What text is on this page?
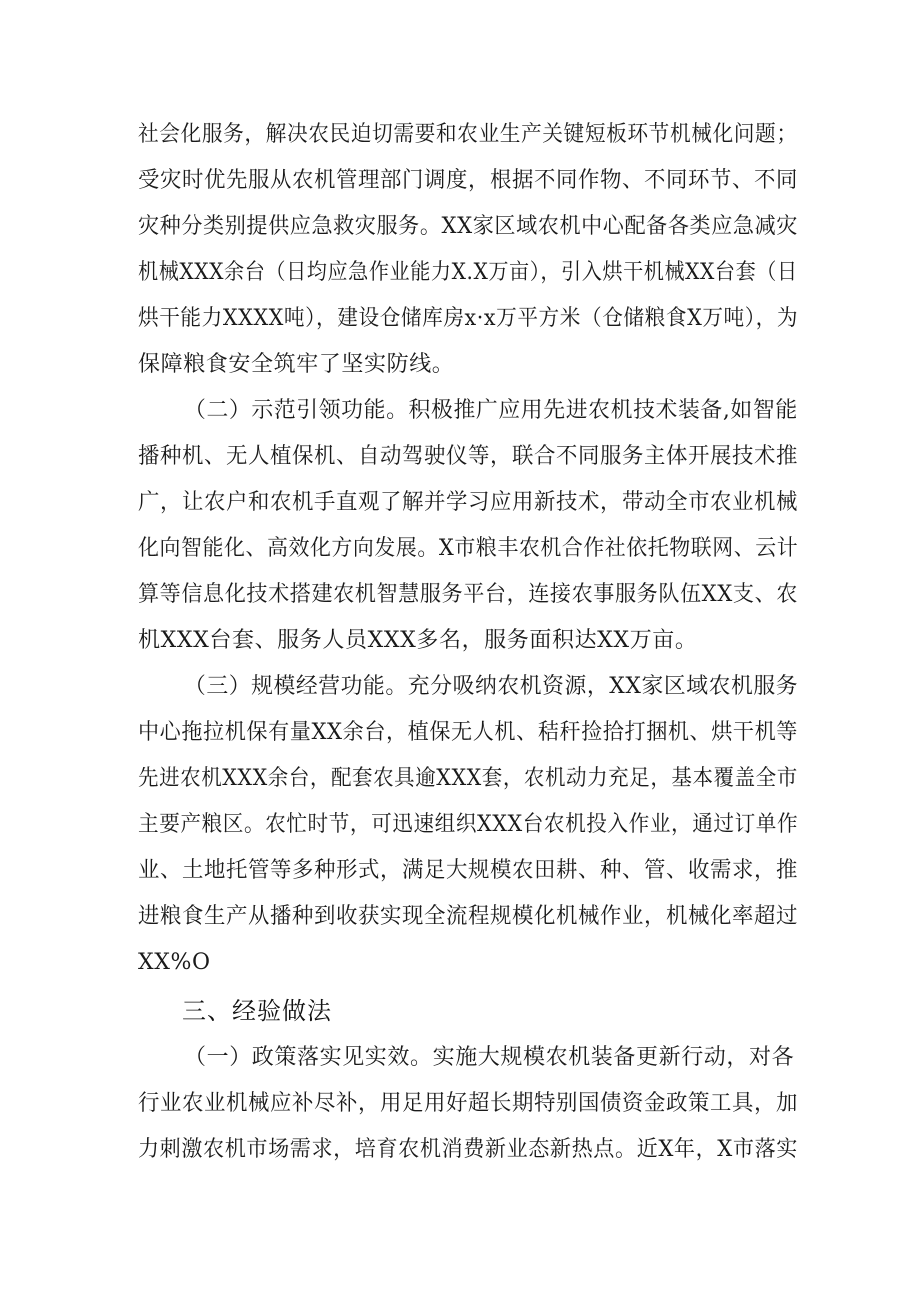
社会化服务，解决农民迫切需要和农业生产关键短板环节机械化问题；
受灾时优先服从农机管理部门调度，根据不同作物、不同环节、不同
灾种分类别提供应急救灾服务。XX家区域农机中心配备各类应急减灾
机械XXX余台（日均应急作业能力X.X万亩），引入烘干机械XX台套（日
烘干能力XXXX吨），建设仓储库房x·x万平方米（仓储粮食X万吨），为
保障粮食安全筑牢了坚实防线。
（二）示范引领功能。积极推广应用先进农机技术装备,如智能
播种机、无人植保机、自动驾驶仪等，联合不同服务主体开展技术推
广，让农户和农机手直观了解并学习应用新技术，带动全市农业机械
化向智能化、高效化方向发展。X市粮丰农机合作社依托物联网、云计
算等信息化技术搭建农机智慧服务平台，连接农事服务队伍XX支、农
机XXX台套、服务人员XXX多名，服务面积达XX万亩。
（三）规模经营功能。充分吸纳农机资源，XX家区域农机服务
中心拖拉机保有量XX余台，植保无人机、秸秆捡拾打捆机、烘干机等
先进农机XXX余台，配套农具逾XXX套，农机动力充足，基本覆盖全市
主要产粮区。农忙时节，可迅速组织XXX台农机投入作业，通过订单作
业、土地托管等多种形式，满足大规模农田耕、种、管、收需求，推
进粮食生产从播种到收获实现全流程规模化机械作业，机械化率超过
XX%O
三、经验做法
（一）政策落实见实效。实施大规模农机装备更新行动，对各
行业农业机械应补尽补，用足用好超长期特别国债资金政策工具，加
力刺激农机市场需求，培育农机消费新业态新热点。近X年，X市落实
